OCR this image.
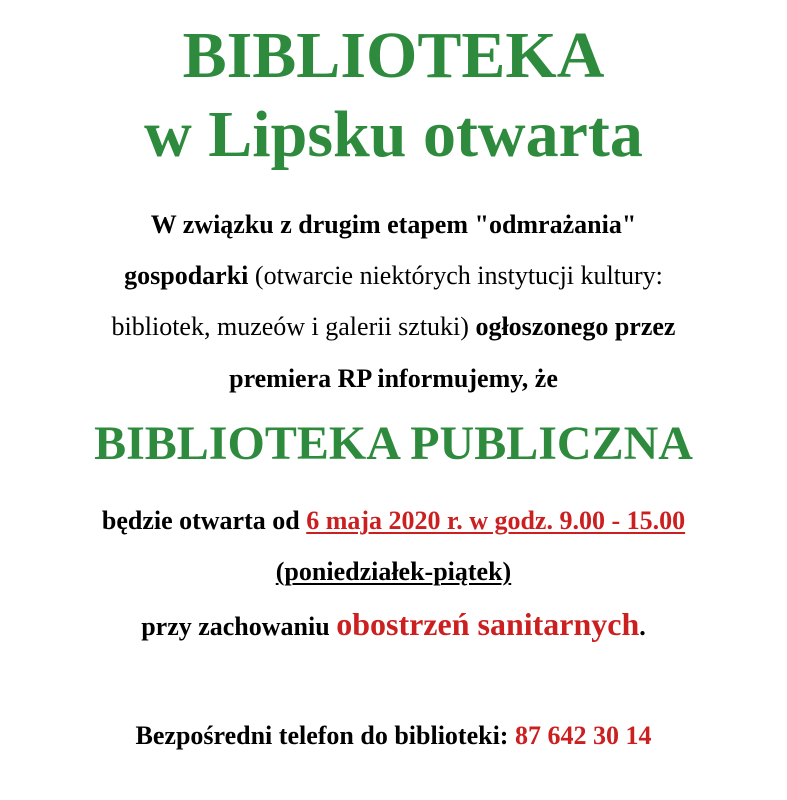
BIBLIOTEKA
w Lipsku otwarta
W związku z drugim etapem "odmrażania"
gospodarki (otwarcie niektórych instytucji kultury:
bibliotek, muzeów i galerii sztuki) ogłoszonego przez
premiera RP informujemy, że
BIBLIOTEKA PUBLICZNA
będzie otwarta od 6 maja 2020 r. w godz. 9.00 - 15.00
(poniedziałek-piątek)
przy zachowaniu obostrzeń sanitarnych.
Bezpośredni telefon do biblioteki: 87 642 30 14
